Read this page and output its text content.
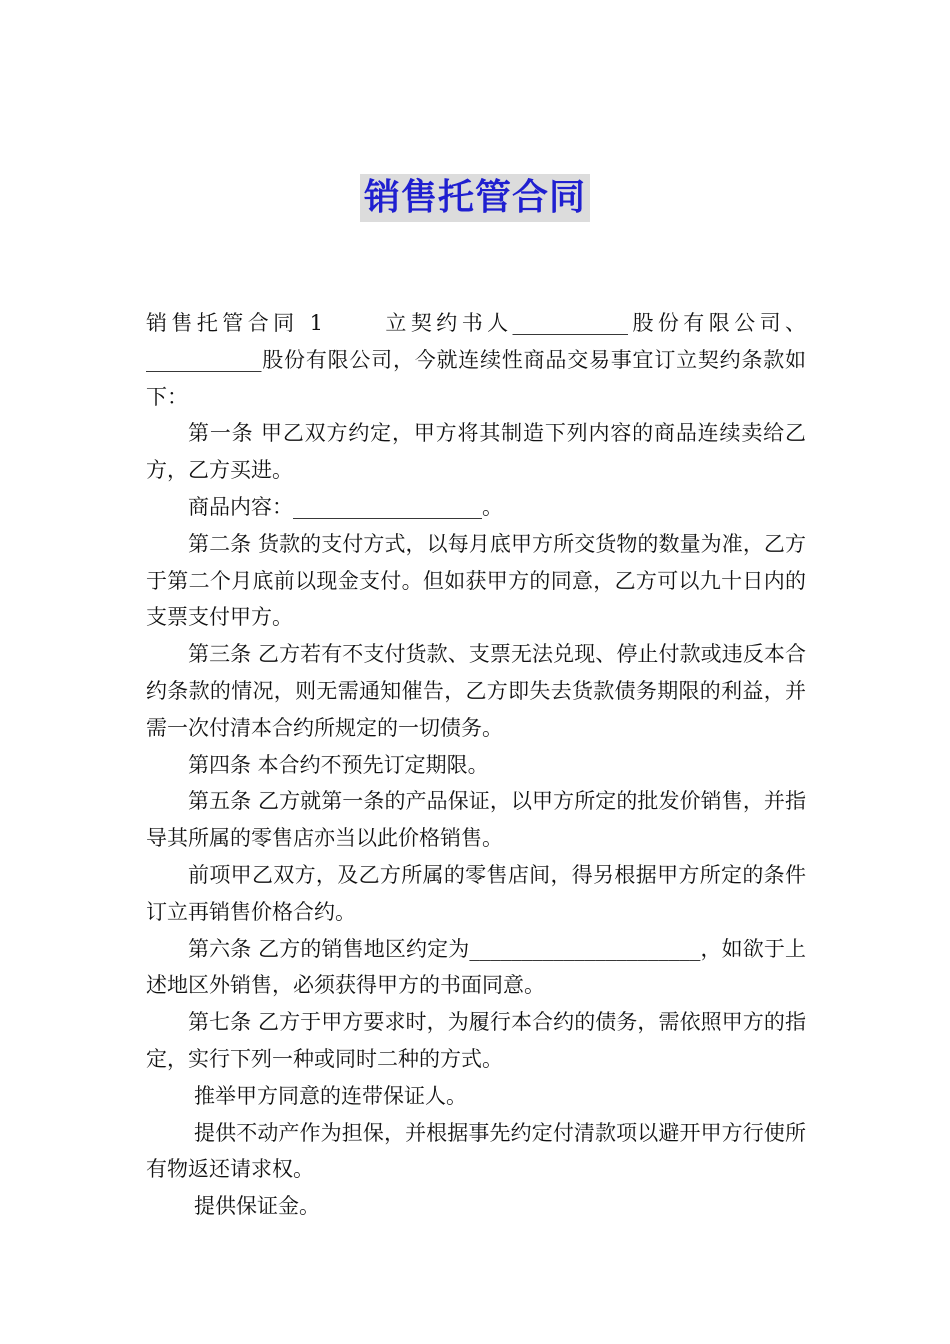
销售托管合同

销售托管合同 1	立契约书人___________股份有限公司、___________股份有限公司，今就连续性商品交易事宜订立契约条款如下：

第一条 甲乙双方约定，甲方将其制造下列内容的商品连续卖给乙方，乙方买进。

商品内容：__________________。

第二条 货款的支付方式，以每月底甲方所交货物的数量为准，乙方于第二个月底前以现金支付。但如获甲方的同意，乙方可以九十日内的支票支付甲方。

第三条 乙方若有不支付货款、支票无法兑现、停止付款或违反本合约条款的情况，则无需通知催告，乙方即失去货款债务期限的利益，并需一次付清本合约所规定的一切债务。

第四条 本合约不预先订定期限。

第五条 乙方就第一条的产品保证，以甲方所定的批发价销售，并指导其所属的零售店亦当以此价格销售。

前项甲乙双方，及乙方所属的零售店间，得另根据甲方所定的条件订立再销售价格合约。

第六条 乙方的销售地区约定为______________________，如欲于上述地区外销售，必须获得甲方的书面同意。

第七条 乙方于甲方要求时，为履行本合约的债务，需依照甲方的指定，实行下列一种或同时二种的方式。

推举甲方同意的连带保证人。

提供不动产作为担保，并根据事先约定付清款项以避开甲方行使所有物返还请求权。

提供保证金。
